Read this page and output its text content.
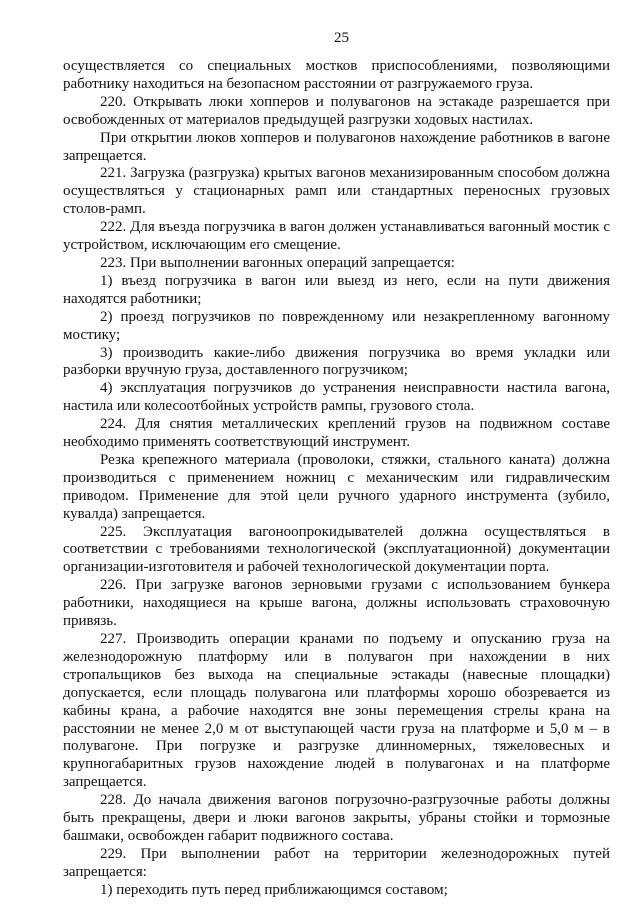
25

осуществляется со специальных мостков приспособлениями, позволяющими работнику находиться на безопасном расстоянии от разгружаемого груза.

220. Открывать люки хопперов и полувагонов на эстакаде разрешается при освобожденных от материалов предыдущей разгрузки ходовых настилах.

При открытии люков хопперов и полувагонов нахождение работников в вагоне запрещается.

221. Загрузка (разгрузка) крытых вагонов механизированным способом должна осуществляться у стационарных рамп или стандартных переносных грузовых столов-рамп.

222. Для въезда погрузчика в вагон должен устанавливаться вагонный мостик с устройством, исключающим его смещение.

223. При выполнении вагонных операций запрещается:

1) въезд погрузчика в вагон или выезд из него, если на пути движения находятся работники;

2) проезд погрузчиков по поврежденному или незакрепленному вагонному мостику;

3) производить какие-либо движения погрузчика во время укладки или разборки вручную груза, доставленного погрузчиком;

4) эксплуатация погрузчиков до устранения неисправности настила вагона, настила или колесоотбойных устройств рампы, грузового стола.

224. Для снятия металлических креплений грузов на подвижном составе необходимо применять соответствующий инструмент.

Резка крепежного материала (проволоки, стяжки, стального каната) должна производиться с применением ножниц с механическим или гидравлическим приводом. Применение для этой цели ручного ударного инструмента (зубило, кувалда) запрещается.

225. Эксплуатация вагоноопрокидывателей должна осуществляться в соответствии с требованиями технологической (эксплуатационной) документации организации-изготовителя и рабочей технологической документации порта.

226. При загрузке вагонов зерновыми грузами с использованием бункера работники, находящиеся на крыше вагона, должны использовать страховочную привязь.

227. Производить операции кранами по подъему и опусканию груза на железнодорожную платформу или в полувагон при нахождении в них стропальщиков без выхода на специальные эстакады (навесные площадки) допускается, если площадь полувагона или платформы хорошо обозревается из кабины крана, а рабочие находятся вне зоны перемещения стрелы крана на расстоянии не менее 2,0 м от выступающей части груза на платформе и 5,0 м – в полувагоне. При погрузке и разгрузке длинномерных, тяжеловесных и крупногабаритных грузов нахождение людей в полувагонах и на платформе запрещается.

228. До начала движения вагонов погрузочно-разгрузочные работы должны быть прекращены, двери и люки вагонов закрыты, убраны стойки и тормозные башмаки, освобожден габарит подвижного состава.

229. При выполнении работ на территории железнодорожных путей запрещается:

1) переходить путь перед приближающимся составом;
